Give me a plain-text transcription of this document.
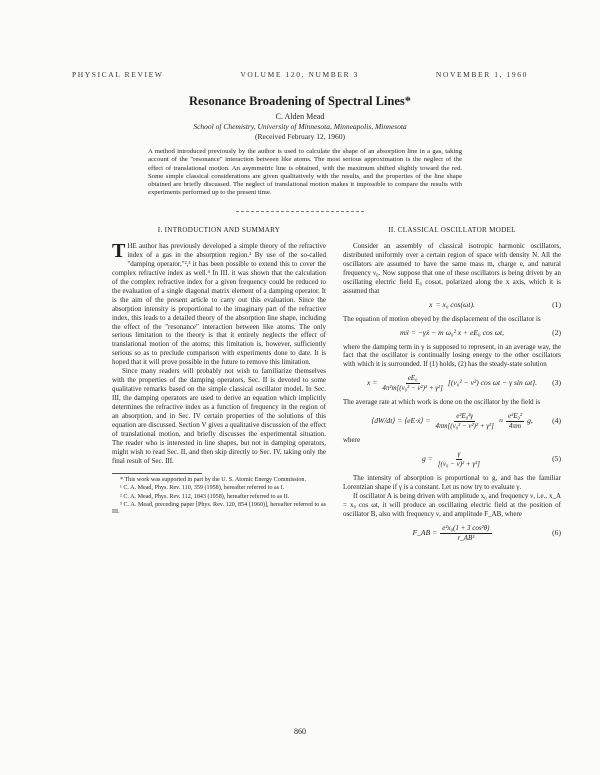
PHYSICAL REVIEW	VOLUME 120, NUMBER 3	NOVEMBER 1, 1960
Resonance Broadening of Spectral Lines*
C. Alden Mead
School of Chemistry, University of Minnesota, Minneapolis, Minnesota
(Received February 12, 1960)

A method introduced previously by the author is used to calculate the shape of an absorption line in a gas, taking account of the "resonance" interaction between like atoms. The most serious approximation is the neglect of the effect of translational motion. An asymmetric line is obtained, with the maximum shifted slightly toward the red. Some simple classical considerations are given qualitatively with the results, and the properties of the line shape obtained are briefly discussed. The neglect of translational motion makes it impossible to compare the results with experiments performed up to the present time.

I. INTRODUCTION AND SUMMARY

THE author has previously developed a simple theory of the refractive index of a gas in the absorption region.¹ By use of the so-called "damping operator,"²,³ it has been possible to extend this to cover the complex refractive index as well.⁴ In III. it was shown that the calculation of the complex refractive index for a given frequency could be reduced to the evaluation of a single diagonal matrix element of a damping operator. It is the aim of the present article to carry out this evaluation. Since the absorption intensity is proportional to the imaginary part of the refractive index, this leads to a detailed theory of the absorption line shape, including the effect of the "resonance" interaction between like atoms. The only serious limitation to the theory is that it entirely neglects the effect of translational motion of the atoms; this limitation is, however, sufficiently serious so as to preclude comparison with experiments done to date. It is hoped that it will prove possible in the future to remove this limitation.

Since many readers will probably not wish to familiarize themselves with the properties of the damping operators, Sec. II is devoted to some qualitative remarks based on the simple classical oscillator model. In Sec. III, the damping operators are used to derive an equation which implicitly determines the refractive index as a function of frequency in the region of an absorption, and in Sec. IV certain properties of the solutions of this equation are discussed. Section V gives a qualitative discussion of the effect of translational motion, and briefly discusses the experimental situation. The reader who is interested in line shapes, but not in damping operators, might wish to read Sec. II, and then skip directly to Sec. IV, taking only the final result of Sec. III.

* This work was supported in part by the U. S. Atomic Energy Commission.

¹ C. A. Mead, Phys. Rev. 110, 359 (1958), hereafter referred to as I.

² C. A. Mead, Phys. Rev. 112, 1843 (1958), hereafter referred to as II.

³ C. A. Mead, preceding paper [Phys. Rev. 120, 854 (1960)], hereafter referred to as III.

II. CLASSICAL OSCILLATOR MODEL

Consider an assembly of classical isotropic harmonic oscillators, distributed uniformly over a certain region of space with density N. All the oscillators are assumed to have the same mass m, charge e, and natural frequency ν₀. Now suppose that one of these oscillators is being driven by an oscillating electric field E₀ cosωt, polarized along the x axis, which it is assumed that

x = x₀ cos(ωt).	(1)

The equation of motion obeyed by the displacement of the oscillator is

mẍ = −γẋ − m ω₀² x + eE₀ cos ωt,	(2)

where the damping term in γ is supposed to represent, in an average way, the fact that the oscillator is continually losing energy to the other oscillators with which it is surrounded. If (1) holds, (2) has the steady-state solution

$x = \frac{\text{eE₀}}{\text{4π²m[(ν₀² − ν²)² + γ²]}} [(\nu_0^2 - \nu^2)$ cos ωt − γ sin ωt]. (3)

The average rate at which work is done on the oscillator by the field is

⟨dW/dt⟩ = ⟨eE·ẋ⟩ = $\frac{\text{e²E₀²γ}}{\text{4πm[(ν₀² − ν²)² + γ²]}} \approx \frac{\text{e²E₀²}}{4\pi m} g$,	(4)

where

$g = \frac{\gamma}{\text{[(ν₀ − ν)² + γ²]}}$	(5)

The intensity of absorption is proportional to g, and has the familiar Lorentzian shape if γ is a constant. Let us now try to evaluate γ.

If oscillator A is being driven with amplitude x₀ and frequency ν, i.e., x_A = x₀ cos ωt, it will produce an oscillating electric field at the position of oscillator B, also with frequency ν, and amplitude F_AB, where

F_AB = $\frac{\text{e²x₀(1 + 3 cos²θ)}}{\text{r\_AB³}}$	(6)
860
